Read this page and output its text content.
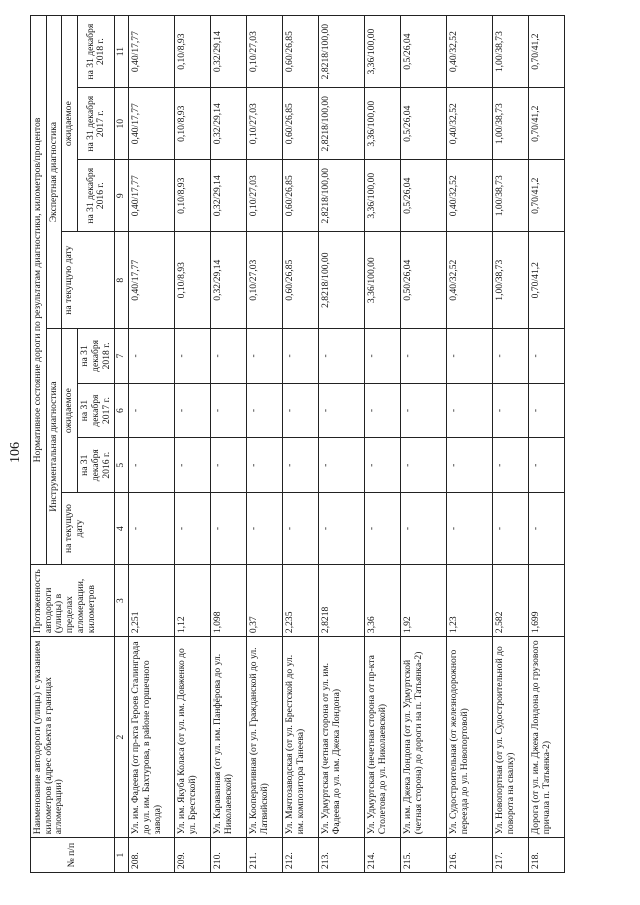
106
№ п/п	Наименование автодороги (улицы) с указанием километров (адрес объекта в границах агломерации)	Протяженность автодороги (улицы) в пределах агломерации, километров	Нормативное состояние дороги по результатам диагностики, километров/процентов							
			Инструментальная диагностика				Экспертная диагностика			
			на текущую дату	ожидаемое			на текущую дату	ожидаемое		
				на 31 декабря 2016 г.	на 31 декабря 2017 г.	на 31 декабря 2018 г.		на 31 декабря 2016 г.	на 31 декабря 2017 г.	на 31 декабря 2018 г.
1	2	3	4	5	6	7	8	9	10	11
208.	Ул. им. Фадеева (от пр-кта Героев Сталинграда до ул. им. Бахтурова, в районе горшечного завода)	2,251	-	-	-	-	0,40/17,77	0,40/17,77	0,40/17,77	0,40/17,77
209.	Ул. им. Якуба Коласа (от ул. им. Довженко до ул. Брестской)	1,12	-	-	-	-	0,10/8,93	0,10/8,93	0,10/8,93	0,10/8,93
210.	Ул. Караванная (от ул. им. Панфёрова до ул. Николаевской)	1,098	-	-	-	-	0,32/29,14	0,32/29,14	0,32/29,14	0,32/29,14
211.	Ул. Кооперативная (от ул. Гражданской до ул. Латвийской)	0,37	-	-	-	-	0,10/27,03	0,10/27,03	0,10/27,03	0,10/27,03
212.	Ул. Мачтозаводская (от ул. Брестской до ул. им. композитора Танеева)	2,235	-	-	-	-	0,60/26,85	0,60/26,85	0,60/26,85	0,60/26,85
213.	Ул. Удмуртская (четная сторона от ул. им. Фадеева до ул. им. Джека Лондона)	2,8218	-	-	-	-	2,8218/100,00	2,8218/100,00	2,8218/100,00	2,8218/100,00
214.	Ул. Удмуртская (нечетная сторона от пр-кта Столетова до ул. Николаевской)	3,36	-	-	-	-	3,36/100,00	3,36/100,00	3,36/100,00	3,36/100,00
215.	Ул. им. Джека Лондона (от ул. Удмуртской (четная сторона) до дороги на п. Татьянка-2)	1,92	-	-	-	-	0,50/26,04	0,5/26,04	0,5/26,04	0,5/26,04
216.	Ул. Судостроительная (от железнодорожного переезда до ул. Новопортовой)	1,23	-	-	-	-	0,40/32,52	0,40/32,52	0,40/32,52	0,40/32,52
217.	Ул. Новопортная (от ул. Судостроительной до поворота на свалку)	2,582	-	-	-	-	1,00/38,73	1,00/38,73	1,00/38,73	1,00/38,73
218.	Дорога (от ул. им. Джека Лондона до грузового причала п. Татьянка-2)	1,699	-	-	-	-	0,70/41,2	0,70/41,2	0,70/41,2	0,70/41,2
